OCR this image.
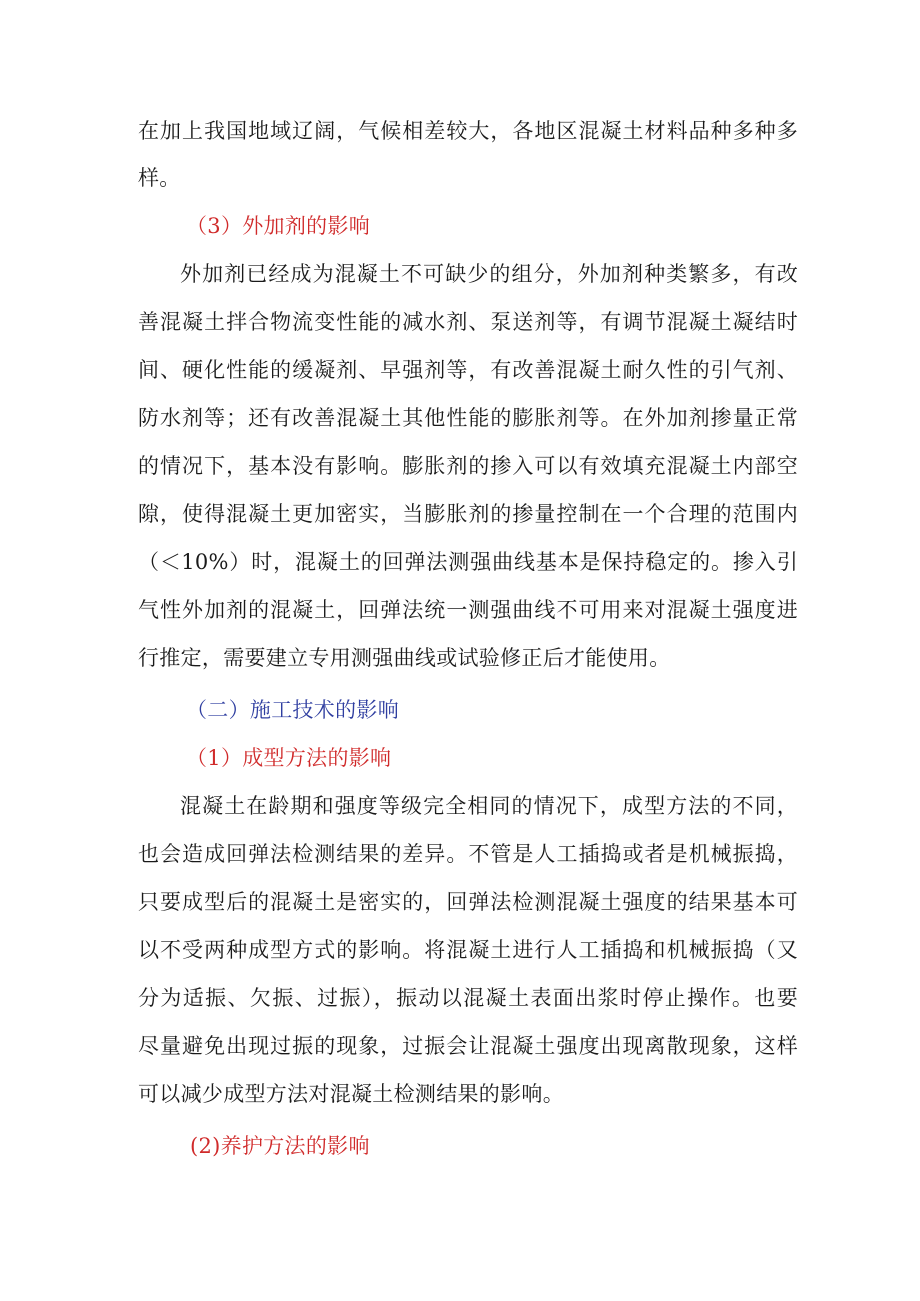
在加上我国地域辽阔，气候相差较大，各地区混凝土材料品种多种多
样。
（3）外加剂的影响
外加剂已经成为混凝土不可缺少的组分，外加剂种类繁多，有改
善混凝土拌合物流变性能的减水剂、泵送剂等，有调节混凝土凝结时
间、硬化性能的缓凝剂、早强剂等，有改善混凝土耐久性的引气剂、
防水剂等；还有改善混凝土其他性能的膨胀剂等。在外加剂掺量正常
的情况下，基本没有影响。膨胀剂的掺入可以有效填充混凝土内部空
隙，使得混凝土更加密实，当膨胀剂的掺量控制在一个合理的范围内
（＜10%）时，混凝土的回弹法测强曲线基本是保持稳定的。掺入引
气性外加剂的混凝土，回弹法统一测强曲线不可用来对混凝土强度进
行推定，需要建立专用测强曲线或试验修正后才能使用。
（二）施工技术的影响
（1）成型方法的影响
混凝土在龄期和强度等级完全相同的情况下，成型方法的不同，
也会造成回弹法检测结果的差异。不管是人工插捣或者是机械振捣，
只要成型后的混凝土是密实的，回弹法检测混凝土强度的结果基本可
以不受两种成型方式的影响。将混凝土进行人工插捣和机械振捣（又
分为适振、欠振、过振），振动以混凝土表面出浆时停止操作。也要
尽量避免出现过振的现象，过振会让混凝土强度出现离散现象，这样
可以减少成型方法对混凝土检测结果的影响。
(2)养护方法的影响
